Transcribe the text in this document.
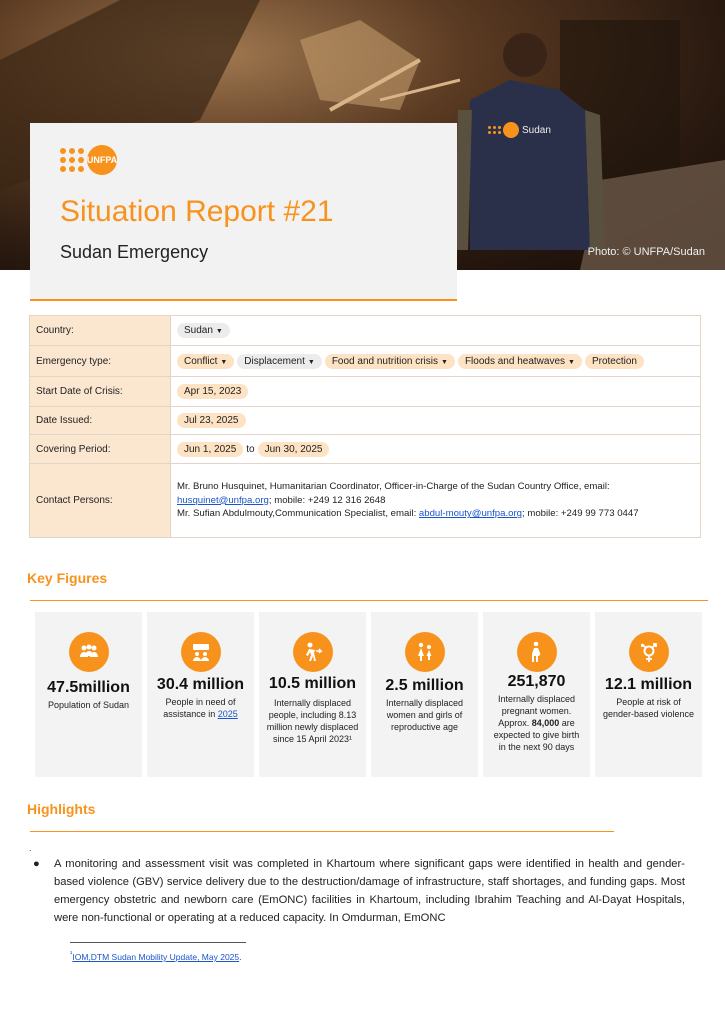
Sudan
Photo: © UNFPA/Sudan
UNFPA
Situation Report #21
Sudan Emergency
Country:	Sudan ▼
Emergency type:	Conflict ▼ Displacement ▼ Food and nutrition crisis ▼ Floods and heatwaves ▼ Protection
Start Date of Crisis:	Apr 15, 2023
Date Issued:	Jul 23, 2025
Covering Period:	Jun 1, 2025 to Jun 30, 2025
Contact Persons:	Mr. Bruno Husquinet, Humanitarian Coordinator, Officer-in-Charge of the Sudan Country Office, email:
husquinet@unfpa.org; mobile: +249 12 316 2648
Mr. Sufian Abdulmouty,Communication Specialist, email: abdul-mouty@unfpa.org; mobile: +249 99 773 0447
Key Figures
47.5million
Population of Sudan
30.4 million
People in need of assistance in 2025
10.5 million
Internally displaced people, including 8.13 million newly displaced since 15 April 2023¹
2.5 million
Internally displaced women and girls of reproductive age
251,870
Internally displaced pregnant women. Approx. 84,000 are expected to give birth in the next 90 days
12.1 million
People at risk of gender-based violence
Highlights
.
●	A monitoring and assessment visit was completed in Khartoum where significant gaps were identified in health and gender-based violence (GBV) service delivery due to the destruction/damage of infrastructure, staff shortages, and funding gaps. Most emergency obstetric and newborn care (EmONC) facilities in Khartoum, including Ibrahim Teaching and Al-Dayat Hospitals, were non-functional or operating at a reduced capacity. In Omdurman, EmONC
$^{^1}$IOM,DTM Sudan Mobility Update, May 2025.
